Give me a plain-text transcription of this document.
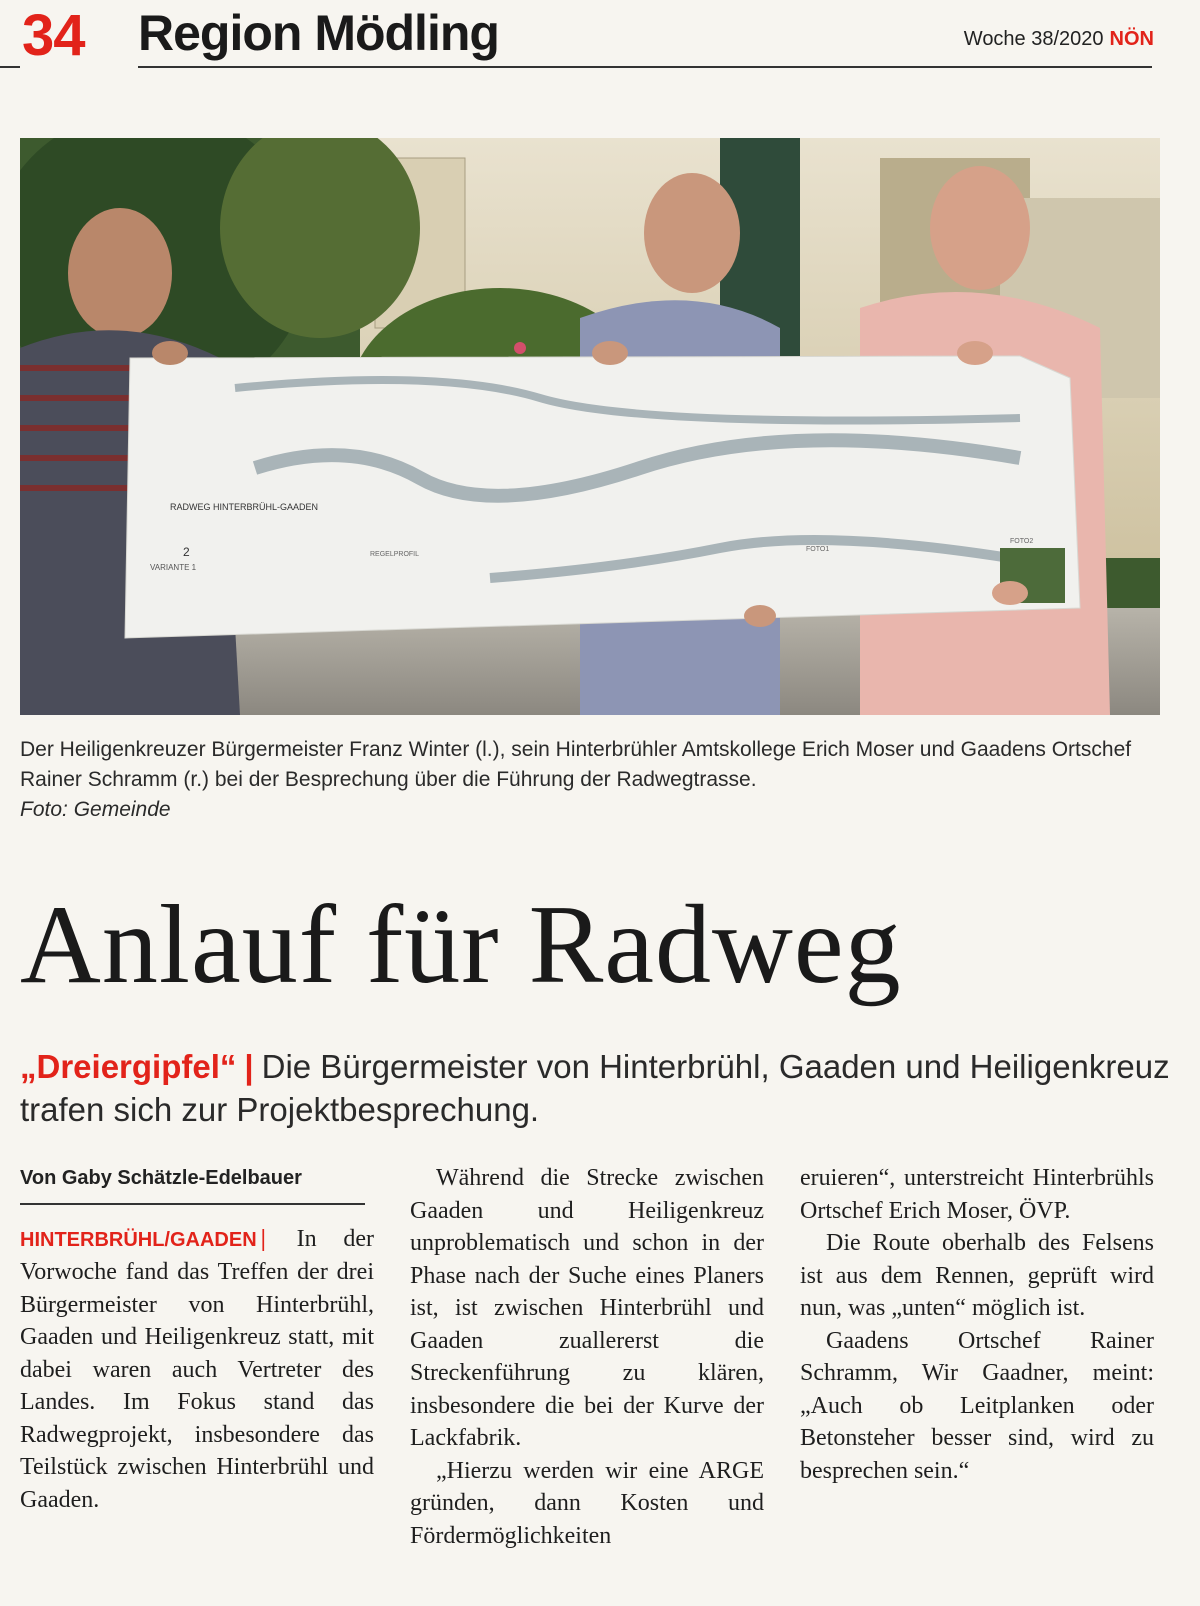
34 Region Mödling	Woche 38/2020 NÖN
RADWEG HINTERBRÜHL-GAADEN
2
VARIANTE 1
REGELPROFIL
FOTO1
FOTO2
Der Heiligenkreuzer Bürgermeister Franz Winter (l.), sein Hinterbrühler Amtskollege Erich Moser und Gaadens Ortschef Rainer Schramm (r.) bei der Besprechung über die Führung der Radwegtrasse.
Foto: Gemeinde
Anlauf für Radweg
„Dreiergipfel“ | Die Bürgermeister von Hinterbrühl, Gaaden und Heiligenkreuz trafen sich zur Projektbesprechung.
Von Gaby Schätzle-Edelbauer

HINTERBRÜHL/GAADEN | In der Vorwoche fand das Treffen der drei Bürgermeister von Hinterbrühl, Gaaden und Heiligenkreuz statt, mit dabei waren auch Vertreter des Landes. Im Fokus stand das Radwegprojekt, insbesondere das Teilstück zwischen Hinterbrühl und Gaaden.

Während die Strecke zwischen Gaaden und Heiligenkreuz unproblematisch und schon in der Phase nach der Suche eines Planers ist, ist zwischen Hinterbrühl und Gaaden zuallererst die Streckenführung zu klären, insbesondere die bei der Kurve der Lackfabrik.

„Hierzu werden wir eine ARGE gründen, dann Kosten und Fördermöglichkeiten

eruieren“, unterstreicht Hinterbrühls Ortschef Erich Moser, ÖVP.

Die Route oberhalb des Felsens ist aus dem Rennen, geprüft wird nun, was „unten“ möglich ist.

Gaadens Ortschef Rainer Schramm, Wir Gaadner, meint: „Auch ob Leitplanken oder Betonsteher besser sind, wird zu besprechen sein.“
